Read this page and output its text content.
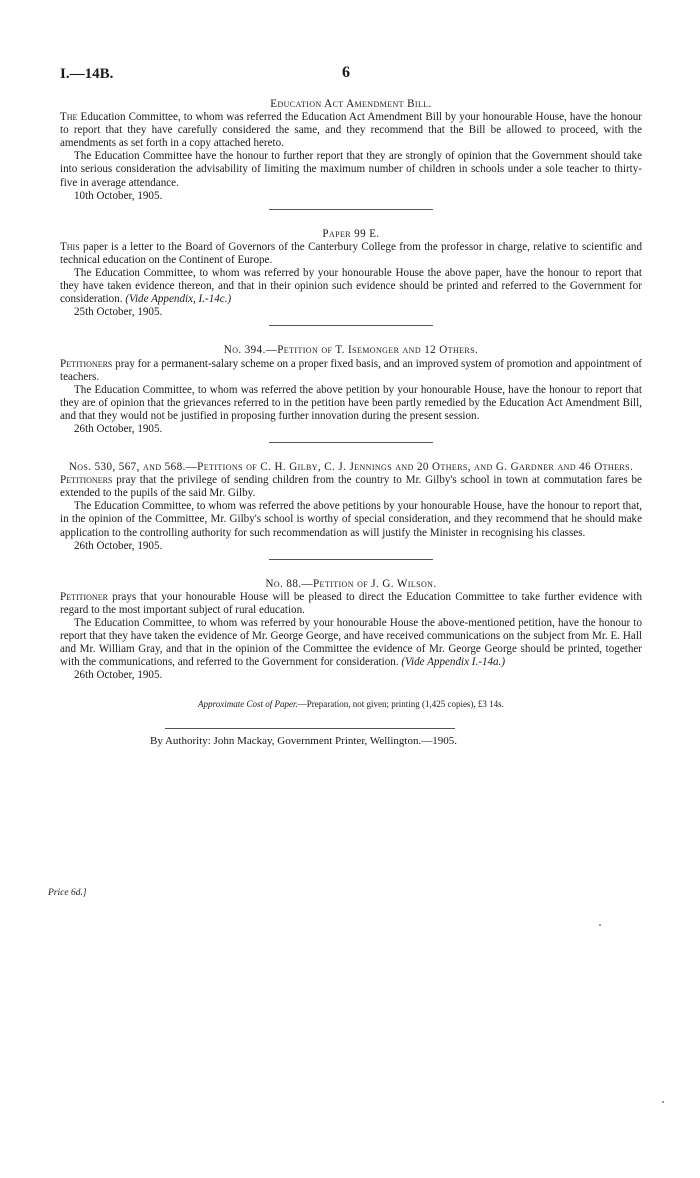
I.—14B.	6

Education Act Amendment Bill.

The Education Committee, to whom was referred the Education Act Amendment Bill by your honourable House, have the honour to report that they have carefully considered the same, and they recommend that the Bill be allowed to proceed, with the amendments as set forth in a copy attached hereto.

The Education Committee have the honour to further report that they are strongly of opinion that the Government should take into serious consideration the advisability of limiting the maximum number of children in schools under a sole teacher to thirty-five in average attendance.

10th October, 1905.

Paper 99 E.

This paper is a letter to the Board of Governors of the Canterbury College from the professor in charge, relative to scientific and technical education on the Continent of Europe.

The Education Committee, to whom was referred by your honourable House the above paper, have the honour to report that they have taken evidence thereon, and that in their opinion such evidence should be printed and referred to the Government for consideration. (Vide Appendix, I.-14c.)

25th October, 1905.

No. 394.—Petition of T. Isemonger and 12 Others.

Petitioners pray for a permanent-salary scheme on a proper fixed basis, and an improved system of promotion and appointment of teachers.

The Education Committee, to whom was referred the above petition by your honourable House, have the honour to report that they are of opinion that the grievances referred to in the petition have been partly remedied by the Education Act Amendment Bill, and that they would not be justified in proposing further innovation during the present session.

26th October, 1905.

Nos. 530, 567, and 568.—Petitions of C. H. Gilby, C. J. Jennings and 20 Others, and G. Gardner and 46 Others.

Petitioners pray that the privilege of sending children from the country to Mr. Gilby's school in town at commutation fares be extended to the pupils of the said Mr. Gilby.

The Education Committee, to whom was referred the above petitions by your honourable House, have the honour to report that, in the opinion of the Committee, Mr. Gilby's school is worthy of special consideration, and they recommend that he should make application to the controlling authority for such recommendation as will justify the Minister in recognising his classes.

26th October, 1905.

No. 88.—Petition of J. G. Wilson.

Petitioner prays that your honourable House will be pleased to direct the Education Committee to take further evidence with regard to the most important subject of rural education.

The Education Committee, to whom was referred by your honourable House the above-mentioned petition, have the honour to report that they have taken the evidence of Mr. George George, and have received communications on the subject from Mr. E. Hall and Mr. William Gray, and that in the opinion of the Committee the evidence of Mr. George George should be printed, together with the communications, and referred to the Government for consideration. (Vide Appendix I.-14a.)

26th October, 1905.

Approximate Cost of Paper.—Preparation, not given; printing (1,425 copies), £3 14s.

By Authority: John Mackay, Government Printer, Wellington.—1905.

Price 6d.]
